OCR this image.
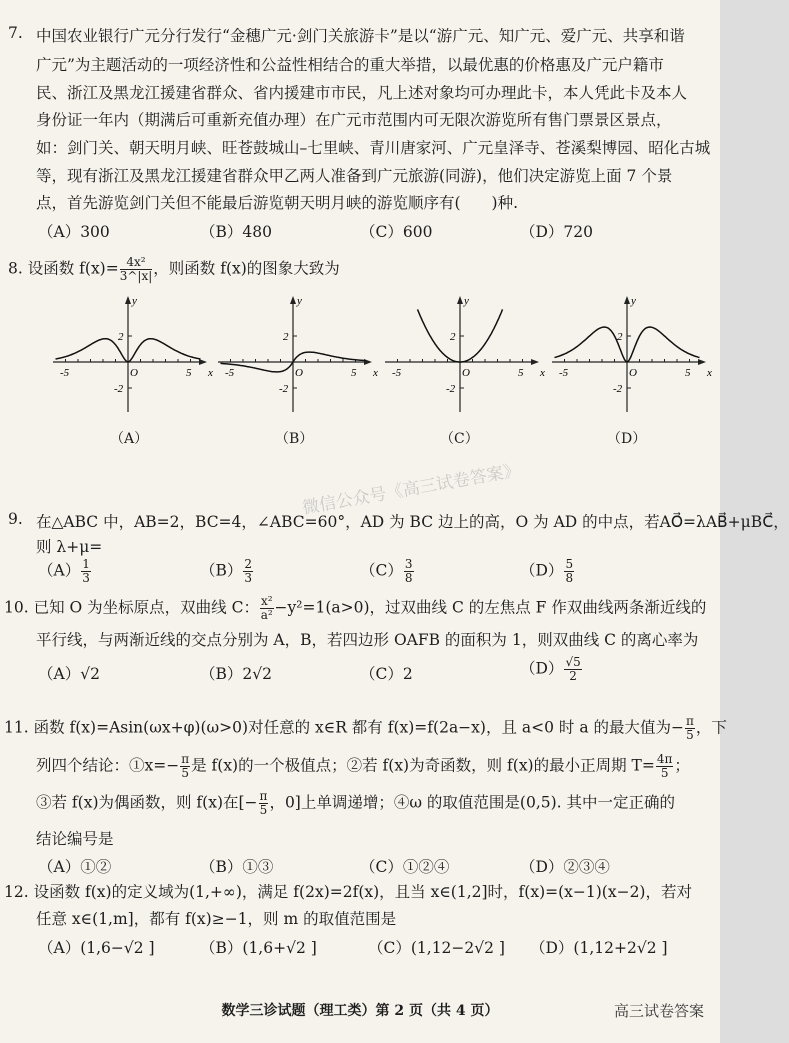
7. 中国农业银行广元分行发行“金穗广元·剑门关旅游卡”是以“游广元、知广元、爱广元、共享和谐
广元”为主题活动的一项经济性和公益性相结合的重大举措，以最优惠的价格惠及广元户籍市
民、浙江及黑龙江援建省群众、省内援建市市民，凡上述对象均可办理此卡，本人凭此卡及本人
身份证一年内（期满后可重新充值办理）在广元市范围内可无限次游览所有售门票景区景点，
如：剑门关、朝天明月峡、旺苍鼓城山–七里峡、青川唐家河、广元皇泽寺、苍溪梨博园、昭化古城
等，现有浙江及黑龙江援建省群众甲乙两人准备到广元旅游(同游)，他们决定游览上面 7 个景
点，首先游览剑门关但不能最后游览朝天明月峡的游览顺序有(　　)种.
（A）300	（B）480	（C）600	（D）720
8. 设函数 $f(x)= \frac{\text{4x²}}{3\^{}|x|}$ ，则函数 f(x)的图象大致为
-5	5
O	x
y
2
-2
-5	5
O	x
y
2
-2
-5	5
O	x
y
2
-2
-5	5
O	x
y
2
-2
（A）	（B）	（C）	（D）
9. 在△ABC 中，AB=2，BC=4，∠ABC=60°，AD 为 BC 边上的高，O 为 AD 的中点，若AO⃗=λAB⃗+μBC⃗，
则 λ+μ=
$(A) \frac{1}{3}$	$(B) \frac{2}{3}$	$(C) \frac{3}{8}$	$(D) \frac{5}{8}$
10. 已知 O 为坐标原点，双曲线 C： $\frac{\text{x²}}{\text{a²}} -y^2=1(a>0)$，过双曲线 C 的左焦点 F 作双曲线两条渐近线的
平行线，与两渐近线的交点分别为 A，B，若四边形 OAFB 的面积为 1，则双曲线 C 的离心率为
（A）√2	（B）2√2	（C）2	$(D) \frac{√5}{2}$
11. 函数 f(x)=Asin(ωx+φ)(ω>0)对任意的 x∈R 都有 f(x)=f(2a−x)，且 a<0 时 a 的最大值为− $\frac{\pi}{5}$ ，下
列四个结论：①x=− $\frac{\pi}{5}$ 是 f(x)的一个极值点；②若 f(x)为奇函数，则 f(x)的最小正周期 $T= \frac{4\pi}{5}$ ；
③若 f(x)为偶函数，则 f(x)在[− $\frac{\pi}{5}$ ，0]上单调递增；④ω 的取值范围是(0,5). 其中一定正确的
结论编号是
（A）①②	（B）①③	（C）①②④	（D）②③④
12. 设函数 f(x)的定义域为(1,+∞)，满足 f(2x)=2f(x)，且当 x∈(1,2]时，f(x)=(x−1)(x−2)，若对
任意 x∈(1,m]，都有 f(x)≥−1，则 m 的取值范围是
（A）(1,6−√2 ]	（B）(1,6+√2 ]	（C）(1,12−2√2 ] （D）(1,12+2√2 ]
微信公众号《高三试卷答案》
数学三诊试题（理工类）第 2 页（共 4 页）	高三试卷答案
